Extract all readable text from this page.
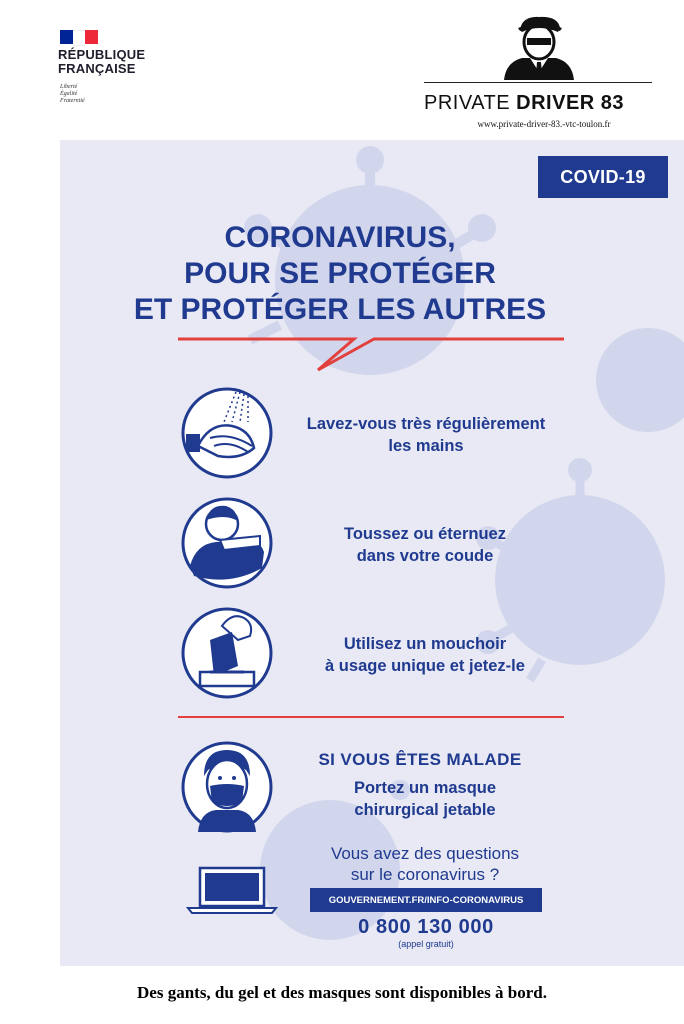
RÉPUBLIQUE
FRANÇAISE
Liberté
Égalité
Fraternité	PRIVATE DRIVER 83
www.private-driver-83.-vtc-toulon.fr
COVID-19
CORONAVIRUS,
POUR SE PROTÉGER
ET PROTÉGER LES AUTRES
Lavez-vous très régulièrement
les mains
Toussez ou éternuez
dans votre coude
Utilisez un mouchoir
à usage unique et jetez-le
SI VOUS ÊTES MALADE
Portez un masque
chirurgical jetable
Vous avez des questions
sur le coronavirus ?
GOUVERNEMENT.FR/INFO-CORONAVIRUS
0 800 130 000
(appel gratuit)
Des gants, du gel et des masques sont disponibles à bord.
